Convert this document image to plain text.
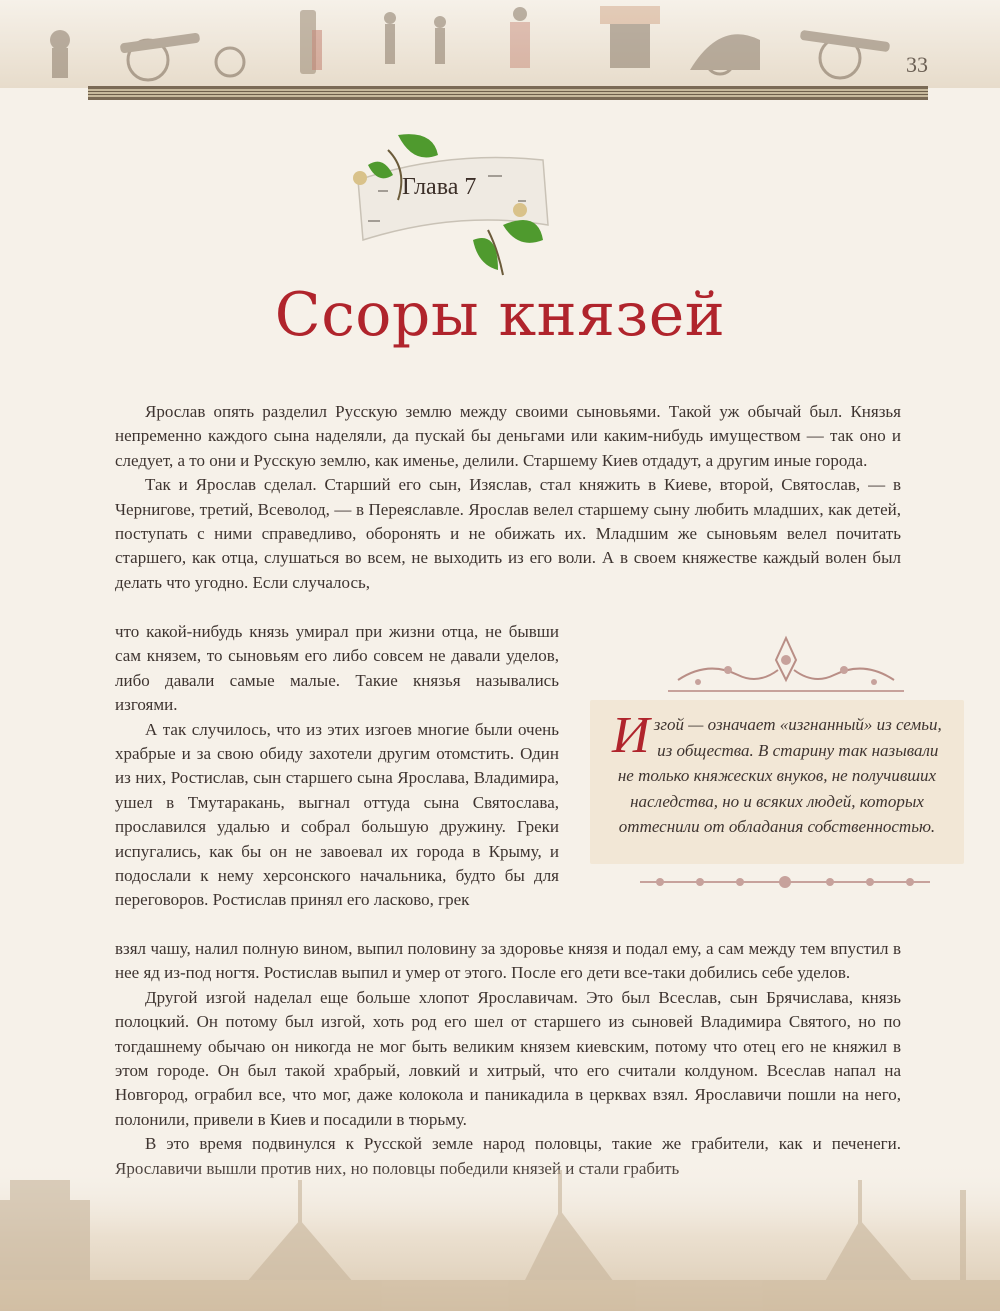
33
Глава 7
Ссоры князей

Ярослав опять разделил Русскую землю между своими сыновьями. Такой уж обычай был. Князья непременно каждого сына наделяли, да пускай бы деньгами или каким-нибудь имуществом — так оно и следует, а то они и Русскую землю, как именье, делили. Старшему Киев отдадут, а другим иные города.

Так и Ярослав сделал. Старший его сын, Изяслав, стал княжить в Киеве, второй, Святослав, — в Чернигове, третий, Всеволод, — в Переяславле. Ярослав велел старшему сыну любить младших, как детей, поступать с ними справедливо, оборонять и не обижать их. Младшим же сыновьям велел почитать старшего, как отца, слушаться во всем, не выходить из его воли. А в своем княжестве каждый волен был делать что угодно. Если случалось,

что какой-нибудь князь умирал при жизни отца, не бывши сам князем, то сыновьям его либо совсем не давали уделов, либо давали самые малые. Такие князья назывались изгоями.

А так случилось, что из этих изгоев многие были очень храбрые и за свою обиду захотели другим отомстить. Один из них, Ростислав, сын старшего сына Ярослава, Владимира, ушел в Тмутаракань, выгнал оттуда сына Святослава, прославился удалью и собрал большую дружину. Греки испугались, как бы он не завоевал их города в Крыму, и подослали к нему херсонского начальника, будто бы для переговоров. Ростислав принял его ласково, грек

взял чашу, налил полную вином, выпил половину за здоровье князя и подал ему, а сам между тем впустил в нее яд из-под ногтя. Ростислав выпил и умер от этого. После его дети все-таки добились себе уделов.

Другой изгой наделал еще больше хлопот Ярославичам. Это был Всеслав, сын Брячислава, князь полоцкий. Он потому был изгой, хоть род его шел от старшего из сыновей Владимира Святого, но по тогдашнему обычаю он никогда не мог быть великим князем киевским, потому что отец его не княжил в этом городе. Он был такой храбрый, ловкий и хитрый, что его считали колдуном. Всеслав напал на Новгород, ограбил все, что мог, даже колокола и паникадила в церквах взял. Ярославичи пошли на него, полонили, привели в Киев и посадили в тюрьму.

В это время подвинулся к Русской земле народ половцы, такие же грабители, как и печенеги.

Изгой — означает «изгнанный» из семьи, из общества. В старину так называли не только княжеских внуков, не получивших наследства, но и всяких людей, которых оттеснили от обладания собственностью.
